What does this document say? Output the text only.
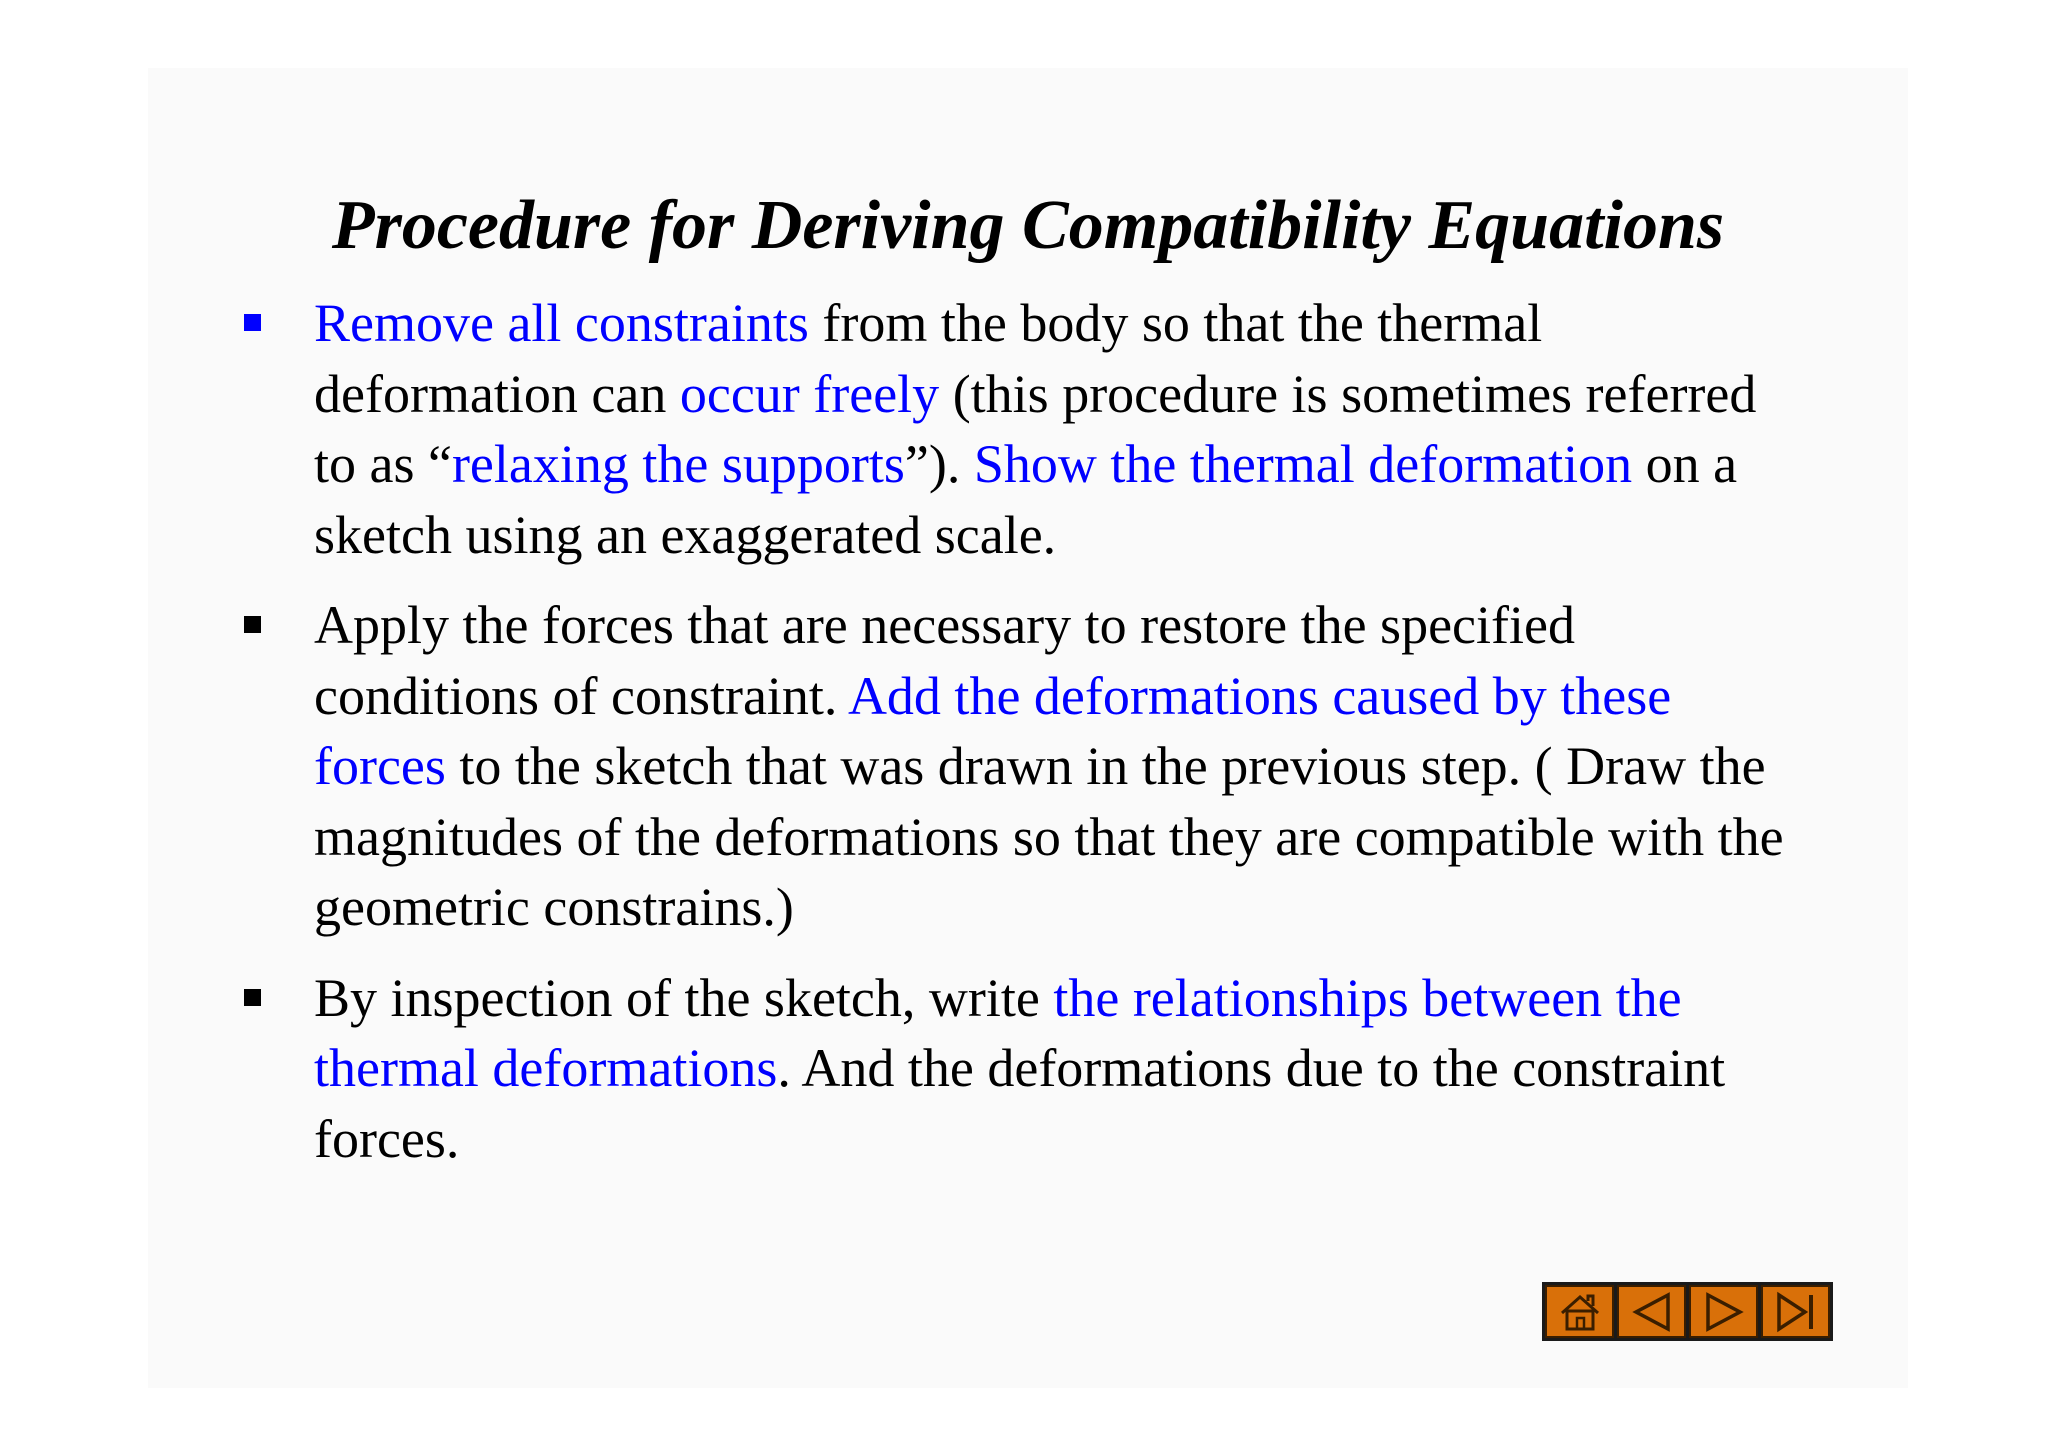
Procedure for Deriving Compatibility Equations
Remove all constraints from the body so that the thermal deformation can occur freely (this procedure is sometimes referred to as “relaxing the supports”). Show the thermal deformation on a sketch using an exaggerated scale.
Apply the forces that are necessary to restore the specified conditions of constraint. Add the deformations caused by these forces to the sketch that was drawn in the previous step. ( Draw the magnitudes of the deformations so that they are compatible with the geometric constrains.)
By inspection of the sketch, write the relationships between the thermal deformations. And the deformations due to the constraint forces.
